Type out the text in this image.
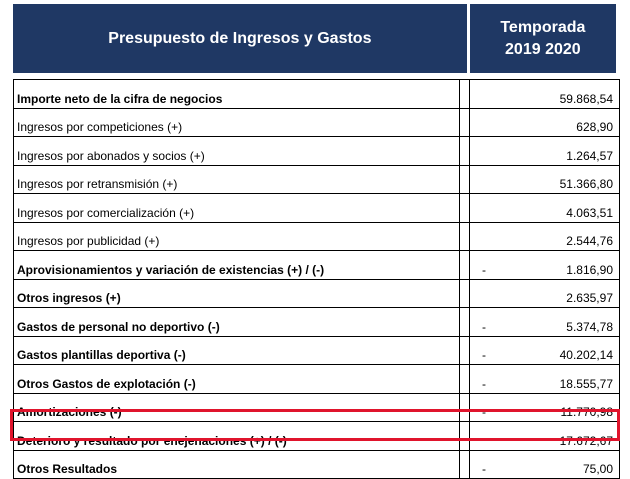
Presupuesto de Ingresos y Gastos
Temporada
2019 2020
Importe neto de la cifra de negocios	59.868,54
Ingresos por competiciones (+)	628,90
Ingresos por abonados y socios (+)	1.264,57
Ingresos por retransmisión (+)	51.366,80
Ingresos por comercialización (+)	4.063,51
Ingresos por publicidad (+)	2.544,76
Aprovisionamientos y variación de existencias (+) / (-)	-	1.816,90
Otros ingresos (+)	2.635,97
Gastos de personal no deportivo (-)	-	5.374,78
Gastos plantillas deportiva (-)	-	40.202,14
Otros Gastos de explotación (-)	-	18.555,77
Amortizaciones (-)	-	11.770,98
Deterioro y resultado por enejenaciones (+) / (-)	17.672,67
Otros Resultados	-	75,00
